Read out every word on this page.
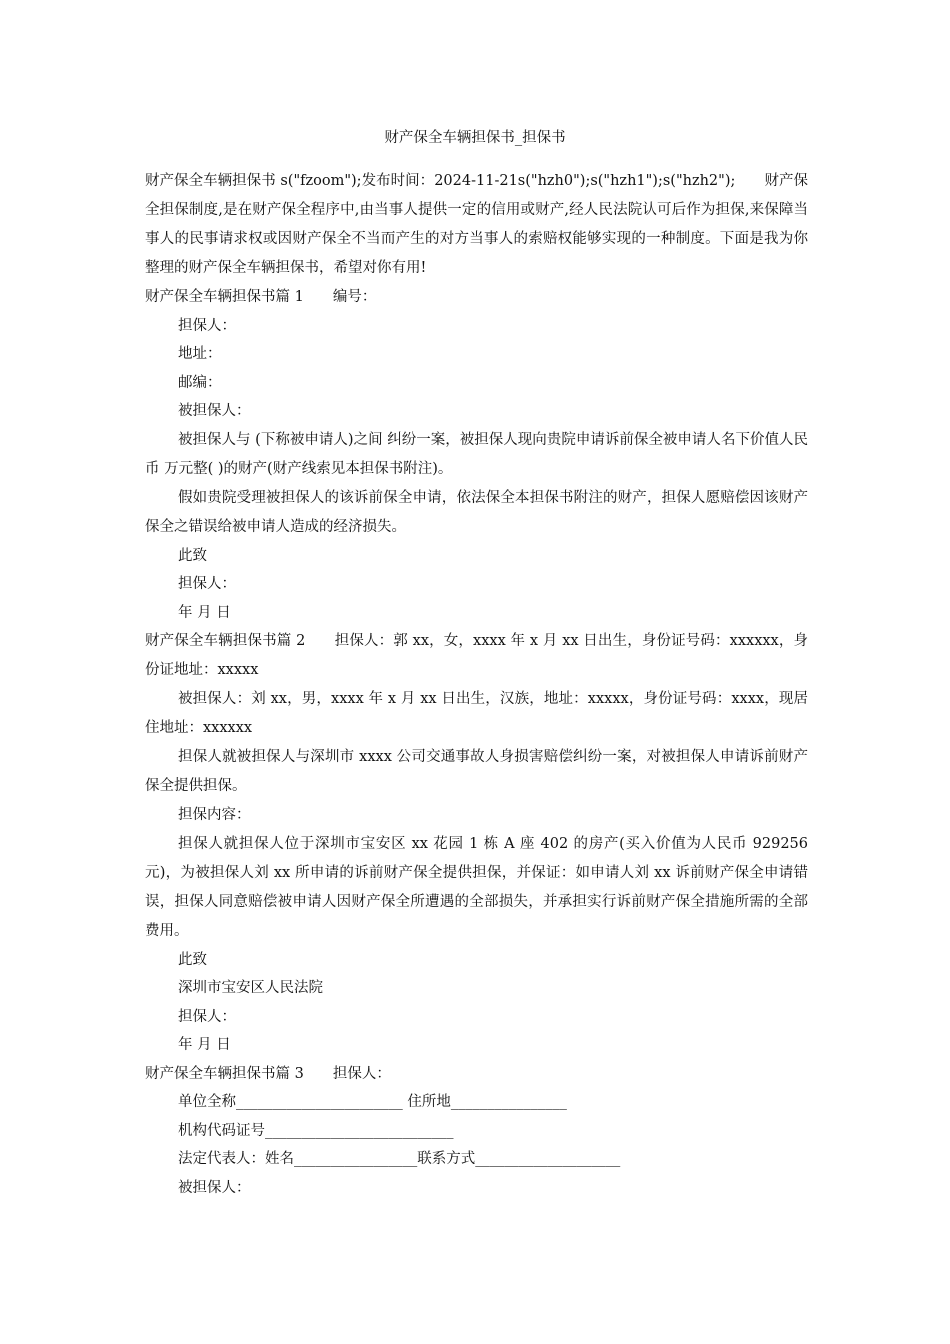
财产保全车辆担保书_担保书

财产保全车辆担保书 s("fzoom");发布时间：2024-11-21s("hzh0");s("hzh1");s("hzh2");　　财产保全担保制度,是在财产保全程序中,由当事人提供一定的信用或财产,经人民法院认可后作为担保,来保障当事人的民事请求权或因财产保全不当而产生的对方当事人的索赔权能够实现的一种制度。下面是我为你整理的财产保全车辆担保书，希望对你有用!

财产保全车辆担保书篇 1　　编号：

担保人：

地址：

邮编：

被担保人：

被担保人与 (下称被申请人)之间 纠纷一案，被担保人现向贵院申请诉前保全被申请人名下价值人民币 万元整( )的财产(财产线索见本担保书附注)。

假如贵院受理被担保人的该诉前保全申请，依法保全本担保书附注的财产，担保人愿赔偿因该财产保全之错误给被申请人造成的经济损失。

此致

担保人：

年 月 日

财产保全车辆担保书篇 2　　担保人：郭 xx，女，xxxx 年 x 月 xx 日出生，身份证号码：xxxxxx，身份证地址：xxxxx

被担保人：刘 xx，男，xxxx 年 x 月 xx 日出生，汉族，地址：xxxxx，身份证号码：xxxx，现居住地址：xxxxxx

担保人就被担保人与深圳市 xxxx 公司交通事故人身损害赔偿纠纷一案，对被担保人申请诉前财产保全提供担保。

担保内容：

担保人就担保人位于深圳市宝安区 xx 花园 1 栋 A 座 402 的房产(买入价值为人民币 929256 元)，为被担保人刘 xx 所申请的诉前财产保全提供担保，并保证：如申请人刘 xx 诉前财产保全申请错误，担保人同意赔偿被申请人因财产保全所遭遇的全部损失，并承担实行诉前财产保全措施所需的全部费用。

此致

深圳市宝安区人民法院

担保人：

年 月 日

财产保全车辆担保书篇 3　　担保人：

单位全称_______________________ 住所地________________

机构代码证号__________________________

法定代表人：姓名_________________联系方式____________________

被担保人：
